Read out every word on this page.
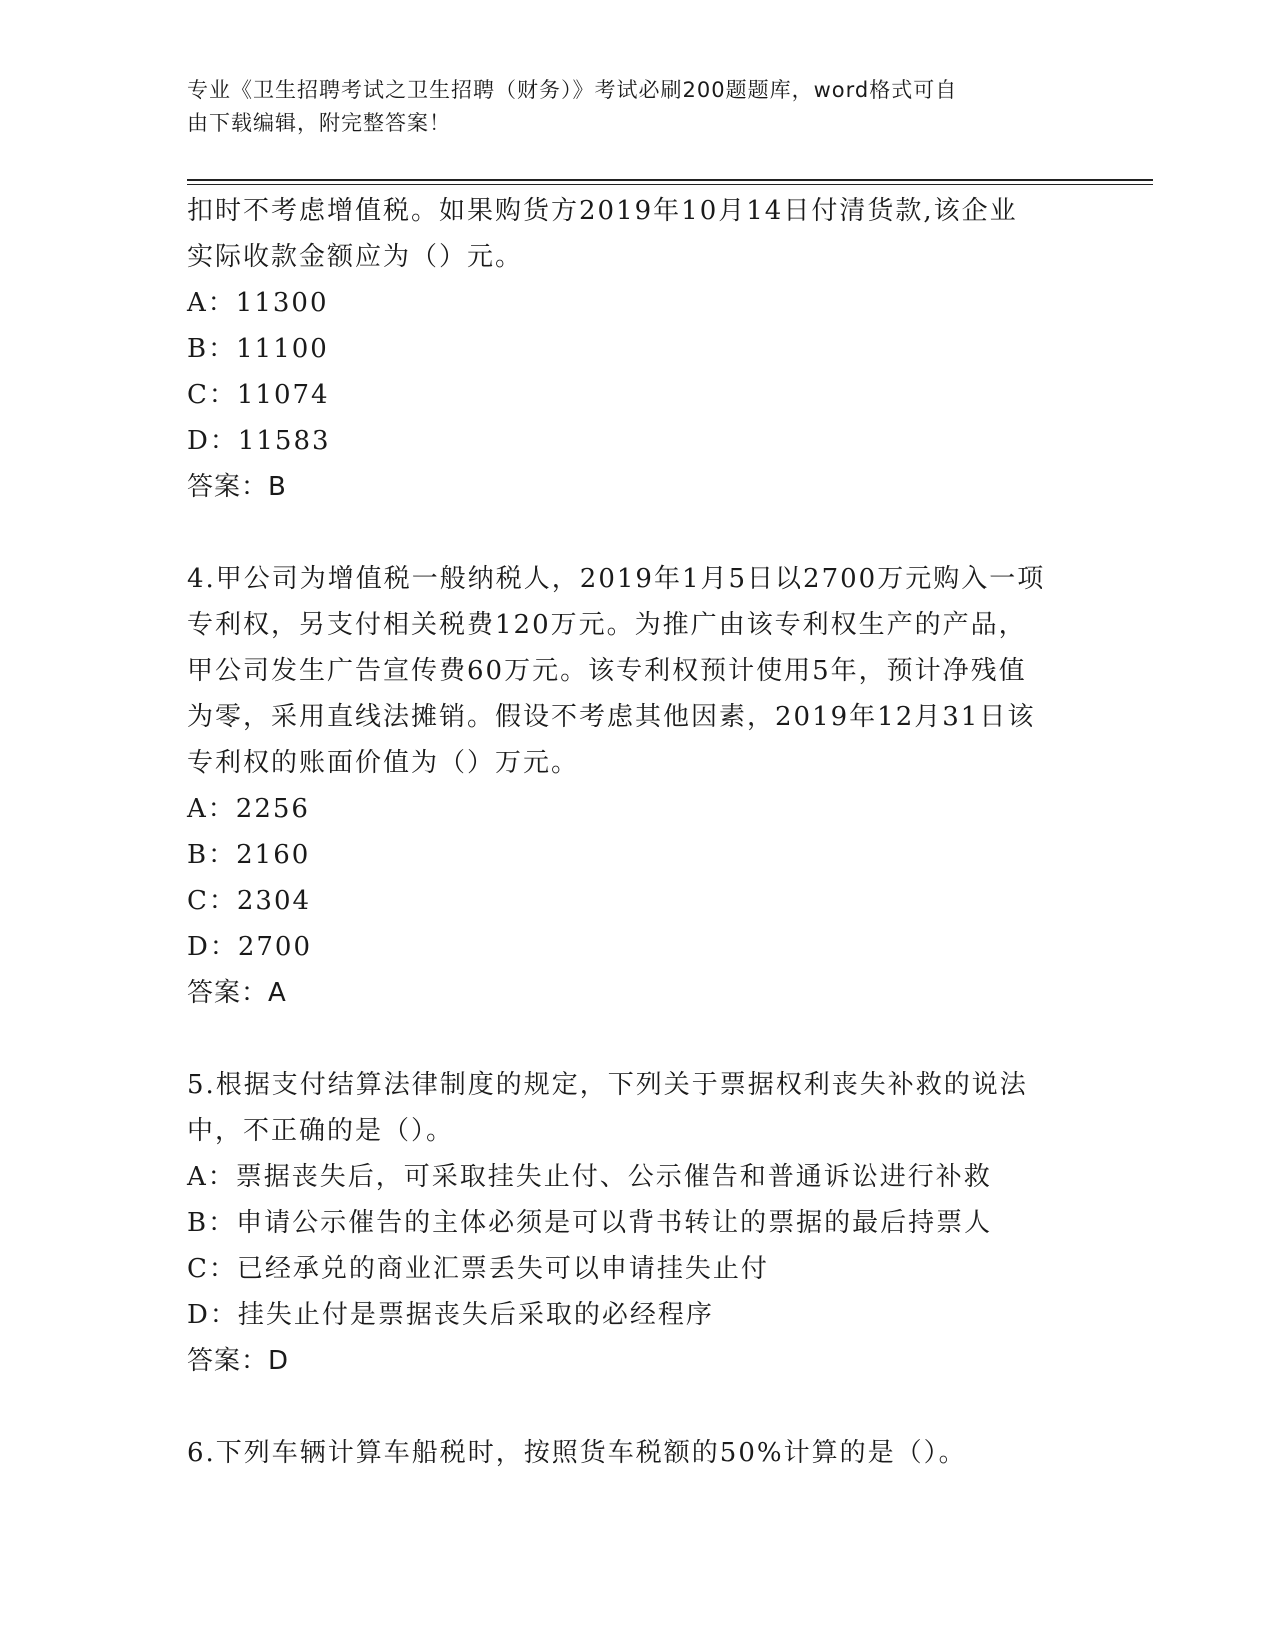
专业《卫生招聘考试之卫生招聘（财务）》考试必刷200题题库，word格式可自
由下载编辑，附完整答案！
扣时不考虑增值税。如果购货方2019年10月14日付清货款,该企业
实际收款金额应为（）元。
A：11300
B：11100
C：11074
D：11583
答案：B
4.甲公司为增值税一般纳税人，2019年1月5日以2700万元购入一项
专利权，另支付相关税费120万元。为推广由该专利权生产的产品，
甲公司发生广告宣传费60万元。该专利权预计使用5年，预计净残值
为零，采用直线法摊销。假设不考虑其他因素，2019年12月31日该
专利权的账面价值为（）万元。
A：2256
B：2160
C：2304
D：2700
答案：A
5.根据支付结算法律制度的规定，下列关于票据权利丧失补救的说法
中，不正确的是（）。
A：票据丧失后，可采取挂失止付、公示催告和普通诉讼进行补救
B：申请公示催告的主体必须是可以背书转让的票据的最后持票人
C：已经承兑的商业汇票丢失可以申请挂失止付
D：挂失止付是票据丧失后采取的必经程序
答案：D
6.下列车辆计算车船税时，按照货车税额的50%计算的是（）。
